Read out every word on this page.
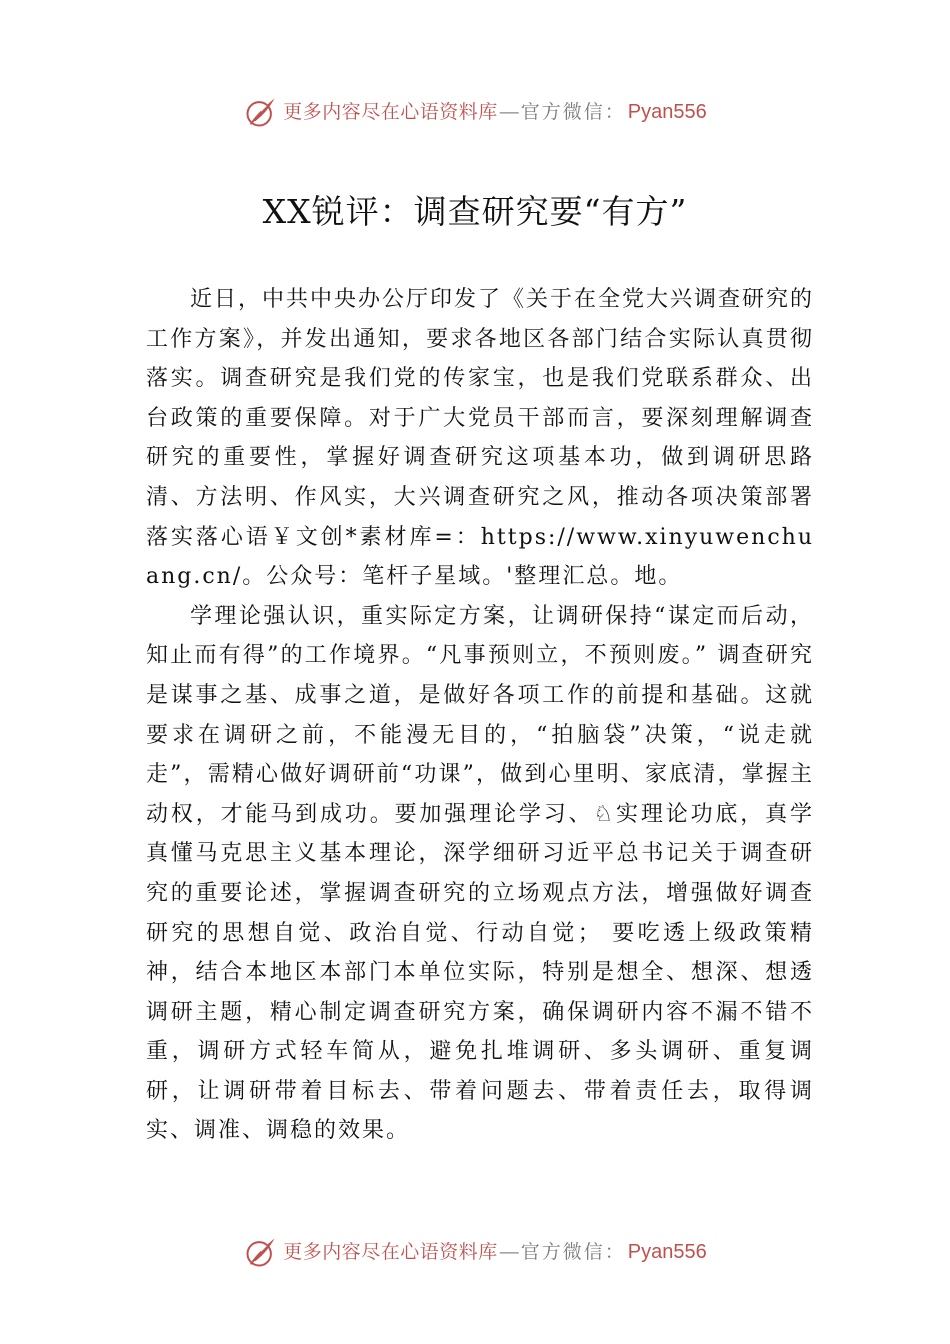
更多内容尽在心语资料库 — 官方微信： Pyan556
XX锐评：调查研究要“有方”

近日，中共中央办公厅印发了《关于在全党大兴调查研究的工作方案》，并发出通知，要求各地区各部门结合实际认真贯彻落实。调查研究是我们党的传家宝，也是我们党联系群众、出台政策的重要保障。对于广大党员干部而言，要深刻理解调查研究的重要性，掌握好调查研究这项基本功，做到调研思路清、方法明、作风实，大兴调查研究之风，推动各项决策部署落实落心语￥文创*素材库=：https://www.xinyuwenchuang.cn/。公众号：笔杆子星域。'整理汇总。地。

学理论强认识，重实际定方案，让调研保持“谋定而后动，知止而有得”的工作境界。“凡事预则立，不预则废。” 调查研究是谋事之基、成事之道，是做好各项工作的前提和基础。这就要求在调研之前，不能漫无目的，“拍脑袋”决策，“说走就走”，需精心做好调研前“功课”，做到心里明、家底清，掌握主动权，才能马到成功。要加强理论学习、♘实理论功底，真学真懂马克思主义基本理论，深学细研习近平总书记关于调查研究的重要论述，掌握调查研究的立场观点方法，增强做好调查研究的思想自觉、政治自觉、行动自觉； 要吃透上级政策精神，结合本地区本部门本单位实际，特别是想全、想深、想透调研主题，精心制定调查研究方案，确保调研内容不漏不错不重，调研方式轻车简从，避免扎堆调研、多头调研、重复调研，让调研带着目标去、带着问题去、带着责任去，取得调实、调准、调稳的效果。

更多内容尽在心语资料库 — 官方微信： Pyan556
